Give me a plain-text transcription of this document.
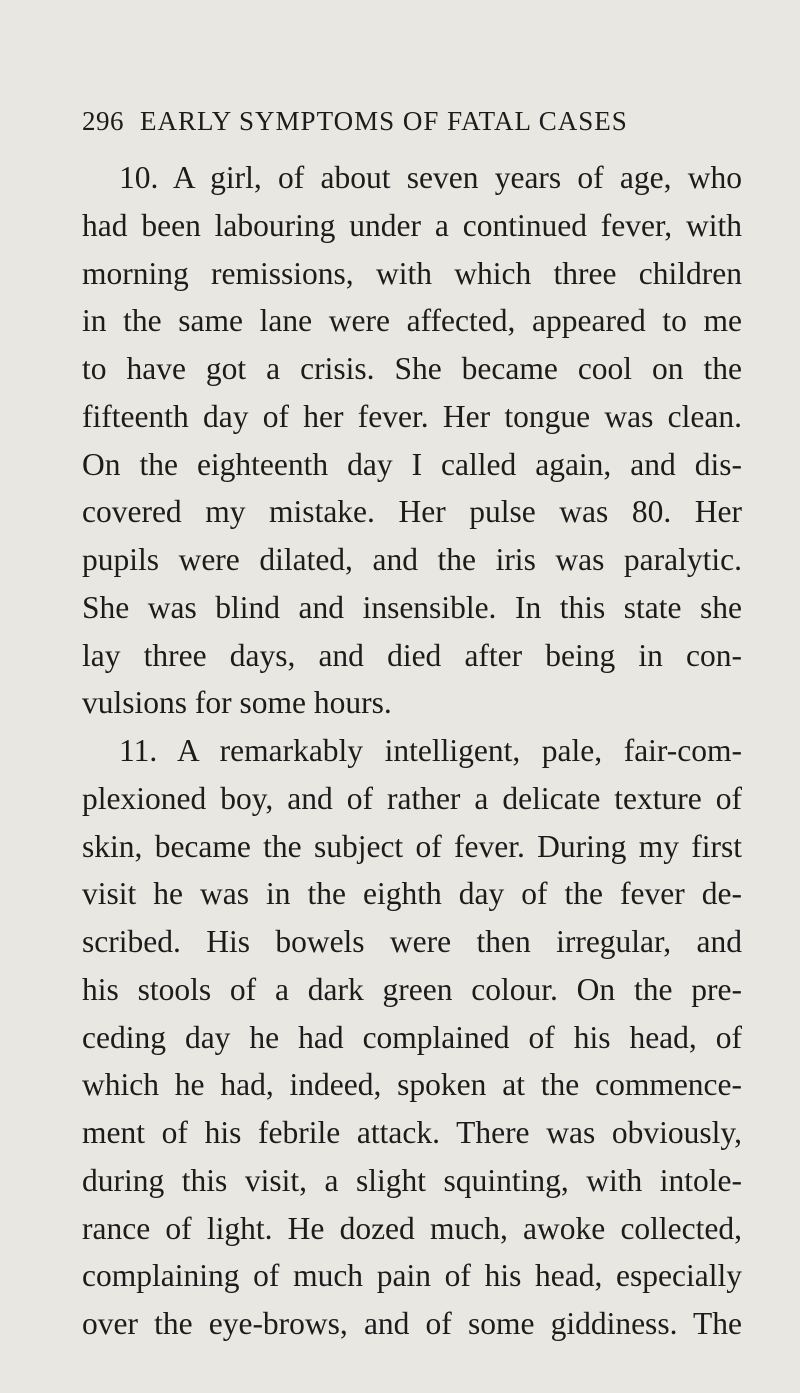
296 EARLY SYMPTOMS OF FATAL CASES
10. A girl, of about seven years of age, who
had been labouring under a continued fever, with
morning remissions, with which three children
in the same lane were affected, appeared to me
to have got a crisis. She became cool on the
fifteenth day of her fever. Her tongue was clean.
On the eighteenth day I called again, and dis-
covered my mistake. Her pulse was 80. Her
pupils were dilated, and the iris was paralytic.
She was blind and insensible. In this state she
lay three days, and died after being in con-
vulsions for some hours.
11. A remarkably intelligent, pale, fair-com-
plexioned boy, and of rather a delicate texture of
skin, became the subject of fever. During my first
visit he was in the eighth day of the fever de-
scribed. His bowels were then irregular, and
his stools of a dark green colour. On the pre-
ceding day he had complained of his head, of
which he had, indeed, spoken at the commence-
ment of his febrile attack. There was obviously,
during this visit, a slight squinting, with intole-
rance of light. He dozed much, awoke collected,
complaining of much pain of his head, especially
over the eye-brows, and of some giddiness. The
